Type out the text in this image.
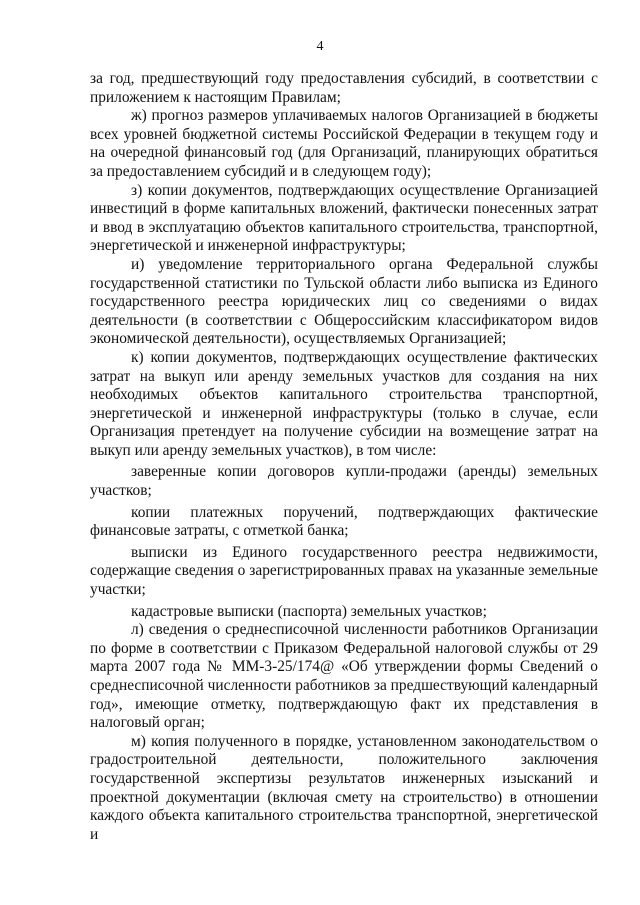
4

за год, предшествующий году предоставления субсидий, в соответствии с приложением к настоящим Правилам;

ж) прогноз размеров уплачиваемых налогов Организацией в бюджеты всех уровней бюджетной системы Российской Федерации в текущем году и на очередной финансовый год (для Организаций, планирующих обратиться за предоставлением субсидий и в следующем году);

з) копии документов, подтверждающих осуществление Организацией инвестиций в форме капитальных вложений, фактически понесенных затрат и ввод в эксплуатацию объектов капитального строительства, транспортной, энергетической и инженерной инфраструктуры;

и) уведомление территориального органа Федеральной службы государственной статистики по Тульской области либо выписка из Единого государственного реестра юридических лиц со сведениями о видах деятельности (в соответствии с Общероссийским классификатором видов экономической деятельности), осуществляемых Организацией;

к) копии документов, подтверждающих осуществление фактических затрат на выкуп или аренду земельных участков для создания на них необходимых объектов капитального строительства транспортной, энергетической и инженерной инфраструктуры (только в случае, если Организация претендует на получение субсидии на возмещение затрат на выкуп или аренду земельных участков), в том числе:

заверенные копии договоров купли-продажи (аренды) земельных участков;

копии платежных поручений, подтверждающих фактические финансовые затраты, с отметкой банка;

выписки из Единого государственного реестра недвижимости, содержащие сведения о зарегистрированных правах на указанные земельные участки;

кадастровые выписки (паспорта) земельных участков;

л) сведения о среднесписочной численности работников Организации по форме в соответствии с Приказом Федеральной налоговой службы от 29 марта 2007 года № ММ-3-25/174@ «Об утверждении формы Сведений о среднесписочной численности работников за предшествующий календарный год», имеющие отметку, подтверждающую факт их представления в налоговый орган;

м) копия полученного в порядке, установленном законодательством о градостроительной деятельности, положительного заключения государственной экспертизы результатов инженерных изысканий и проектной документации (включая смету на строительство) в отношении каждого объекта капитального строительства транспортной, энергетической и
